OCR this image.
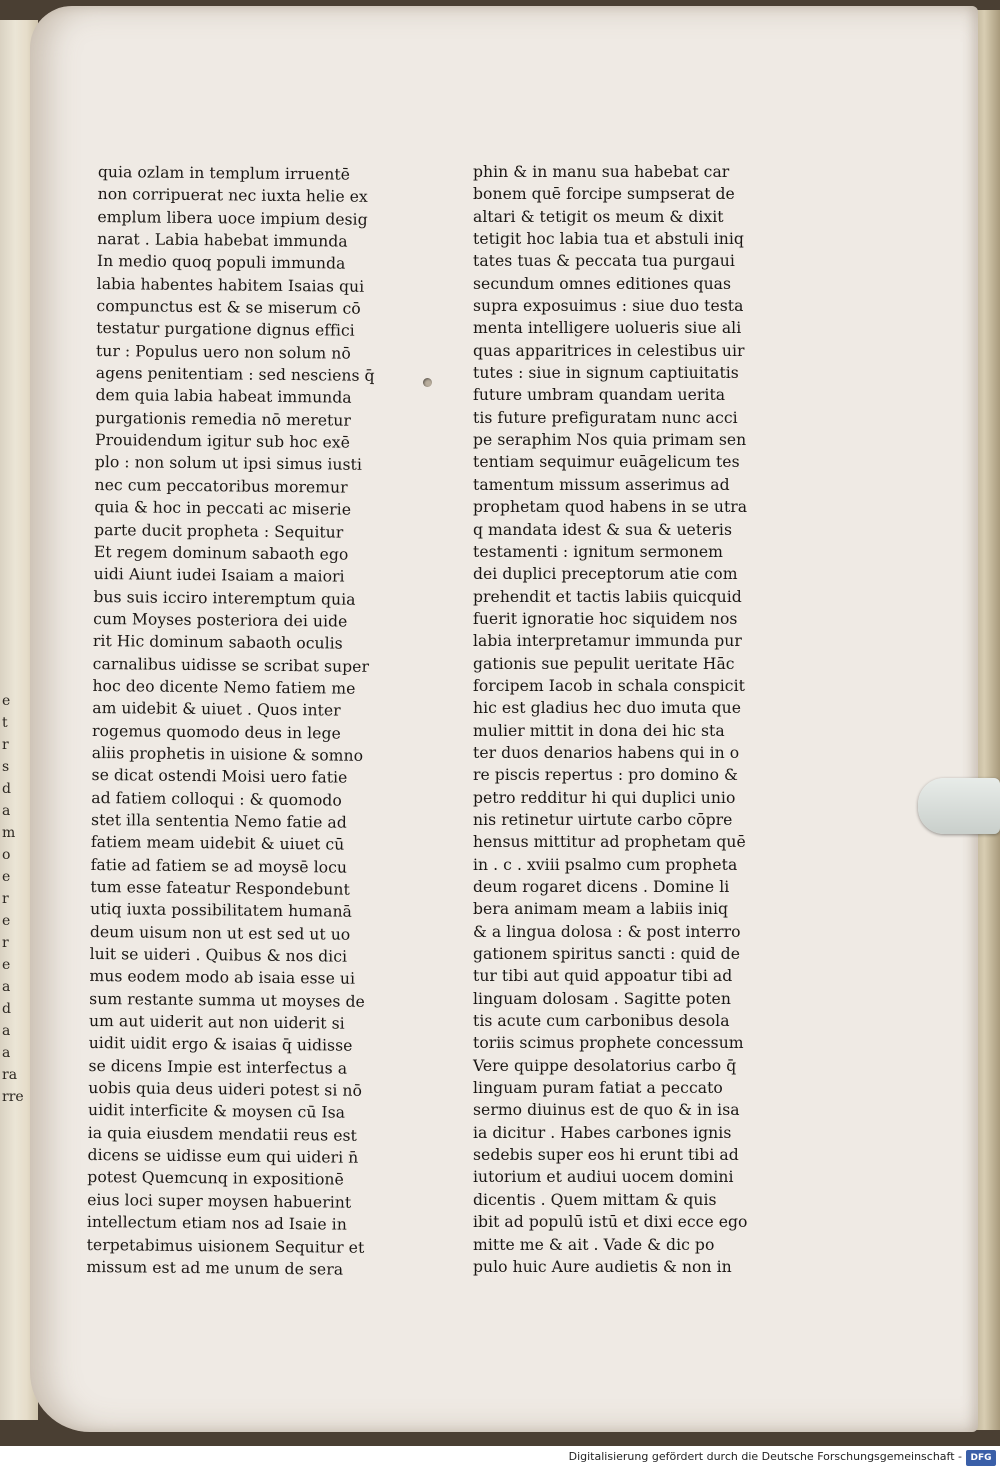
e
t
r
s
d
a
m
o
e
r
e
r
e
a
d
a
a
ra
rre
quia ozlam in templum irruentē
non corripuerat nec iuxta helie ex
emplum libera uoce impium desig
narat . Labia habebat immunda
In medio quoq populi immunda
labia habentes habitem Isaias qui
compunctus est & se miserum cō
testatur purgatione dignus effici
tur : Populus uero non solum nō
agens penitentiam : sed nesciens q̄
dem quia labia habeat immunda
purgationis remedia nō meretur
Prouidendum igitur sub hoc exē
plo : non solum ut ipsi simus iusti
nec cum peccatoribus moremur
quia & hoc in peccati ac miserie
parte ducit propheta : Sequitur
Et regem dominum sabaoth ego
uidi Aiunt iudei Isaiam a maiori
bus suis icciro interemptum quia
cum Moyses posteriora dei uide
rit Hic dominum sabaoth oculis
carnalibus uidisse se scribat super
hoc deo dicente Nemo fatiem me
am uidebit & uiuet . Quos inter
rogemus quomodo deus in lege
aliis prophetis in uisione & somno
se dicat ostendi Moisi uero fatie
ad fatiem colloqui : & quomodo
stet illa sententia Nemo fatie ad
fatiem meam uidebit & uiuet cū
fatie ad fatiem se ad moysē locu
tum esse fateatur Respondebunt
utiq iuxta possibilitatem humanā
deum uisum non ut est sed ut uo
luit se uideri . Quibus & nos dici
mus eodem modo ab isaia esse ui
sum restante summa ut moyses de
um aut uiderit aut non uiderit si
uidit uidit ergo & isaias q̄ uidisse
se dicens Impie est interfectus a
uobis quia deus uideri potest si nō
uidit interficite & moysen cū Isa
ia quia eiusdem mendatii reus est
dicens se uidisse eum qui uideri n̄
potest Quemcunq in expositionē
eius loci super moysen habuerint
intellectum etiam nos ad Isaie in
terpetabimus uisionem Sequitur et
missum est ad me unum de sera
phin & in manu sua habebat car
bonem quē forcipe sumpserat de
altari & tetigit os meum & dixit
tetigit hoc labia tua et abstuli iniq
tates tuas & peccata tua purgaui
secundum omnes editiones quas
supra exposuimus : siue duo testa
menta intelligere uolueris siue ali
quas apparitrices in celestibus uir
tutes : siue in signum captiuitatis
future umbram quandam ueritа
tis future prefiguratam nunc acci
pe seraphim Nos quia primam sen
tentiam sequimur euāgelicum tes
tamentum missum asserimus ad
prophetam quod habens in se utra
q mandata idest & sua & ueteris
testamenti : ignitum sermonem
dei duplici preceptorum atie com
prehendit et tactis labiis quicquid
fuerit ignoratie hoc siquidem nos
labia interpretamur immunda pur
gationis sue pepulit ueritate Hāc
forcipem Iacob in schala conspicit
hic est gladius hec duo imuta que
mulier mittit in dona dei hic stа
ter duos denarios habens qui in o
re piscis repertus : pro domino &
petro redditur hi qui duplici unio
nis retinetur uirtute carbo cōpre
hensus mittitur ad prophetam quē
in . c . xviii psalmo cum propheta
deum rogaret dicens . Domine li
bera animam meam a labiis iniq
& a lingua dolosa : & post interro
gationem spiritus sancti : quid de
tur tibi aut quid appoatur tibi ad
linguam dolosam . Sagitte poten
tis acute cum carbonibus desola
toriis scimus prophete concessum
Vere quippe desolatorius carbo q̄
linguam puram fatiat a peccato
sermo diuinus est de quo & in isa
ia dicitur . Habes carbones ignis
sedebis super eos hi erunt tibi ad
iutorium et audiui uocem domini
dicentis . Quem mittam & quis
ibit ad populū istū et dixi ecce ego
mitte me & ait . Vade & dic po
pulo huic Aure audietis & non in
Digitalisierung gefördert durch die Deutsche Forschungsgemeinschaft - DFG
